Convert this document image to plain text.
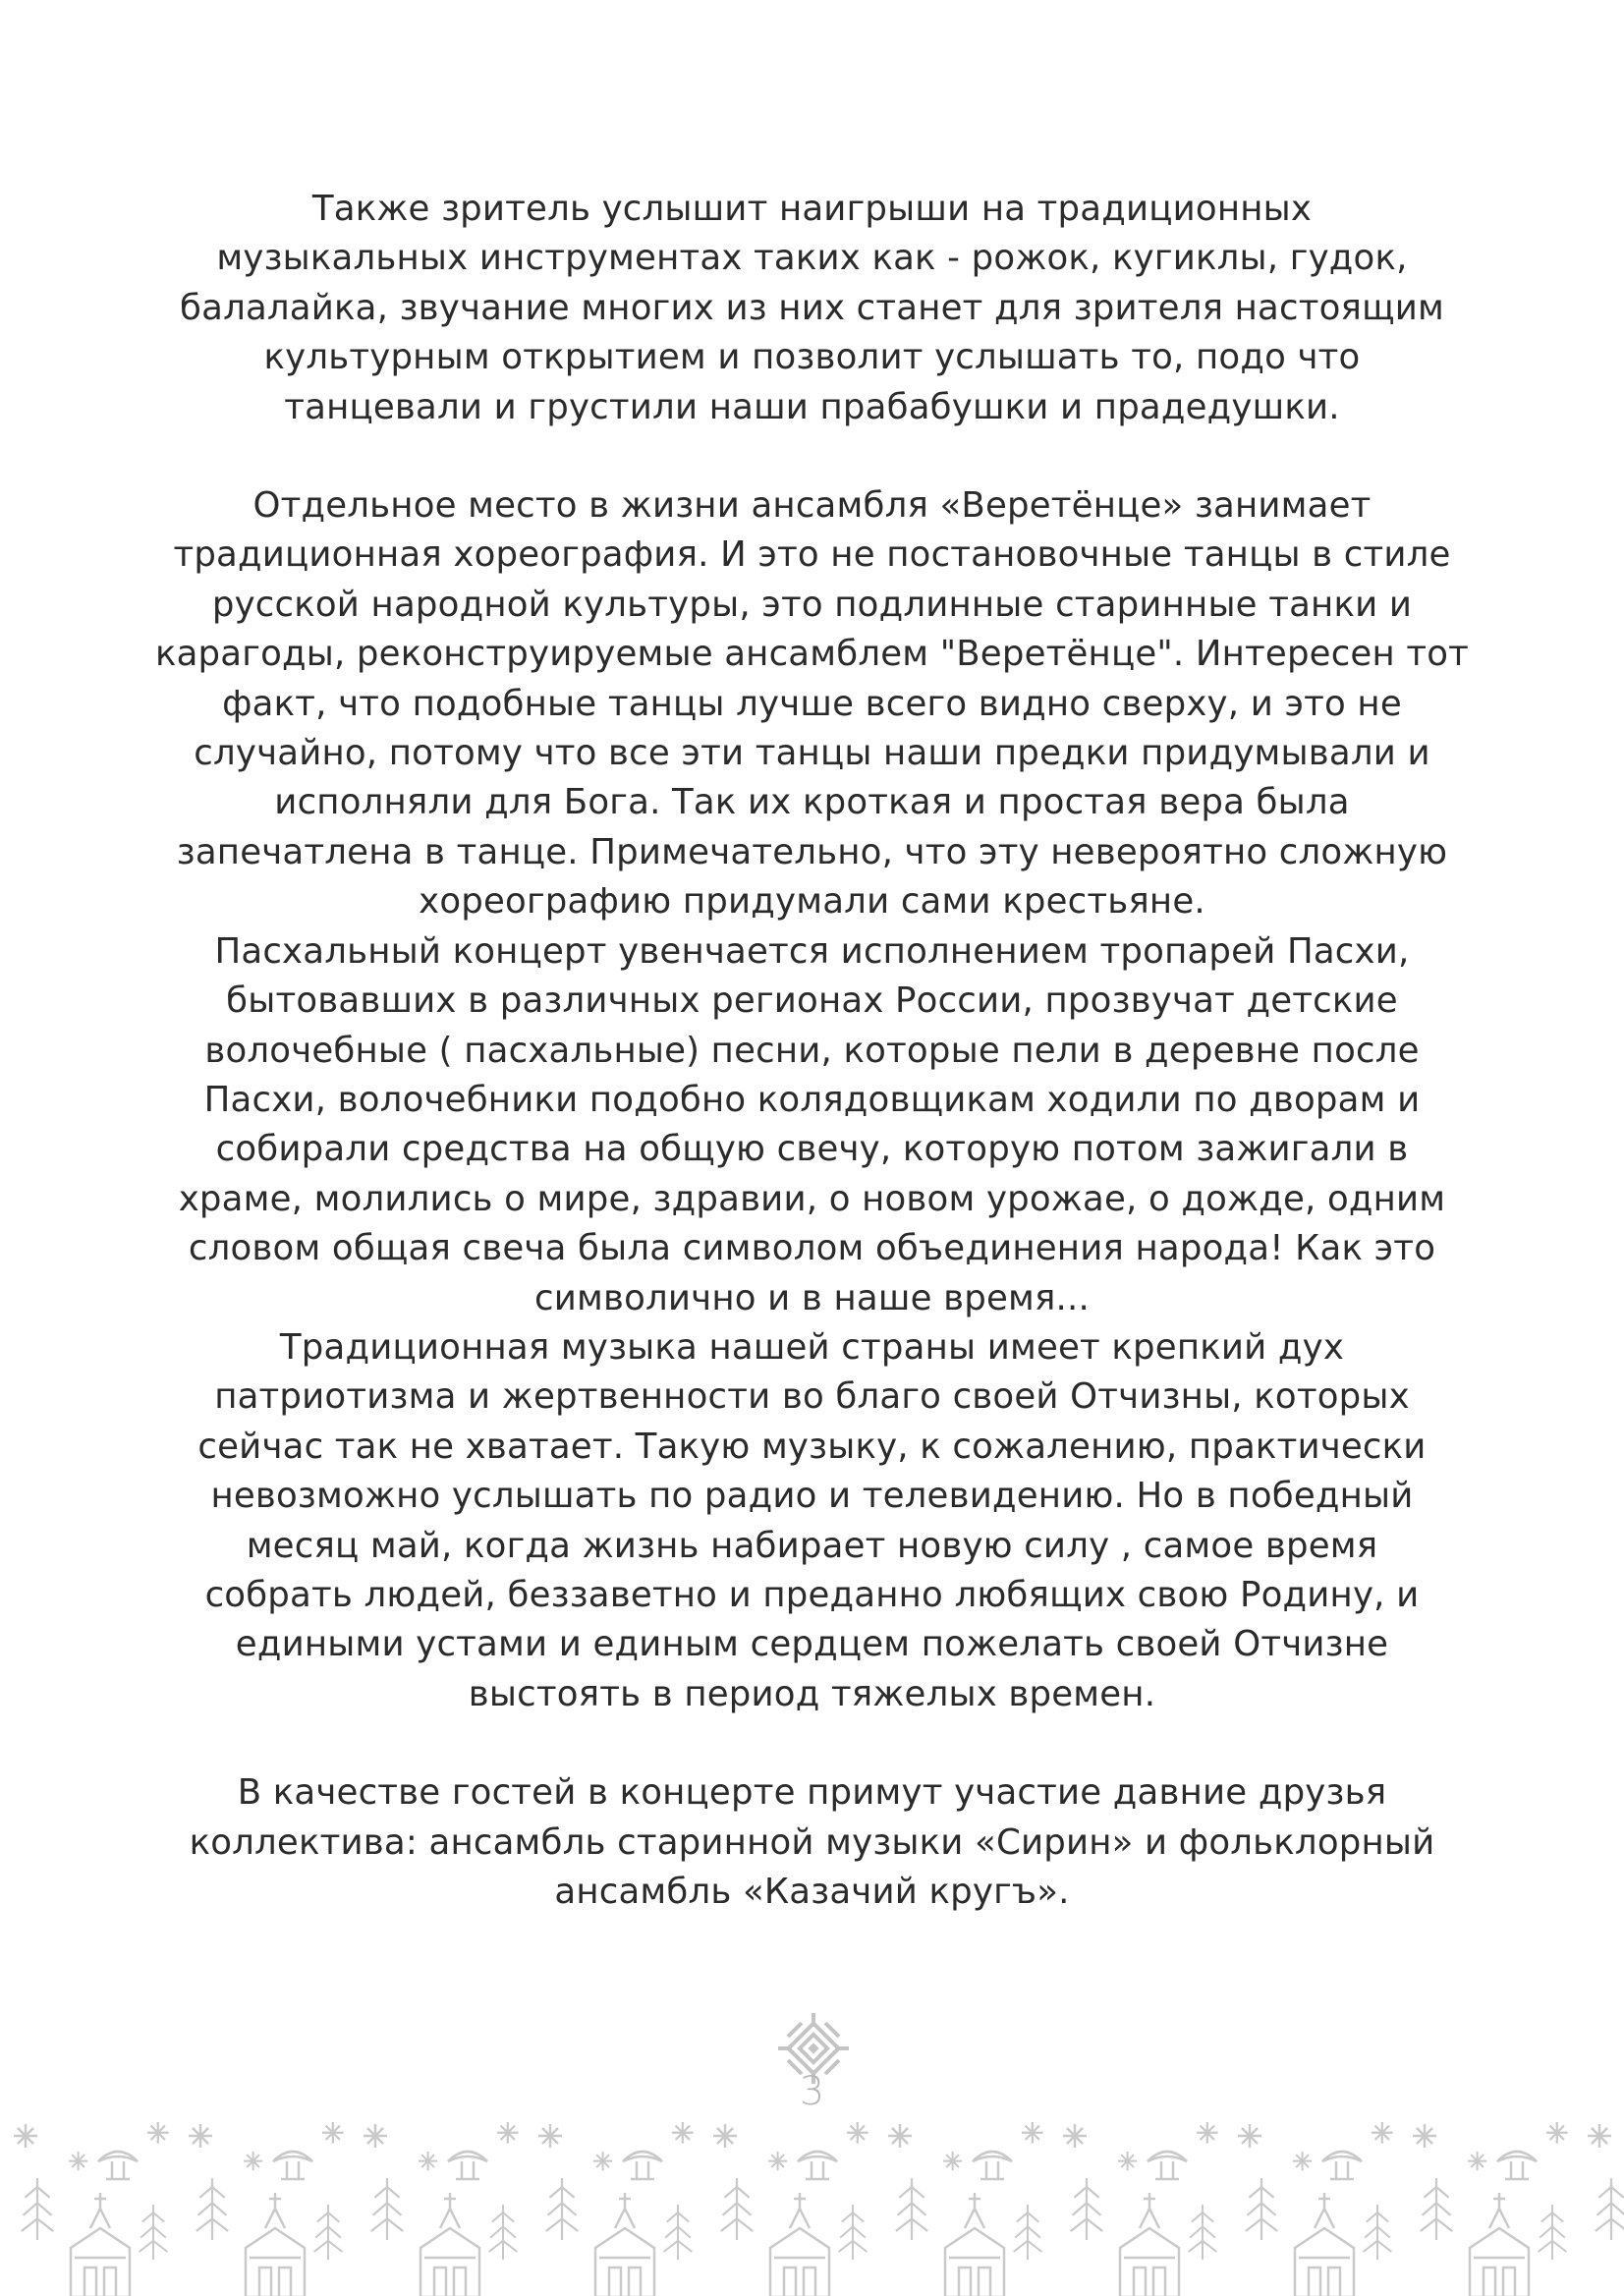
Также зритель услышит наигрыши на традиционных
музыкальных инструментах таких как - рожок, кугиклы, гудок,
балалайка, звучание многих из них станет для зрителя настоящим
культурным открытием и позволит услышать то, подо что
танцевали и грустили наши прабабушки и прадедушки.
Отдельное место в жизни ансамбля «Веретёнце» занимает
традиционная хореография. И это не постановочные танцы в стиле
русской народной культуры, это подлинные старинные танки и
карагоды, реконструируемые ансамблем "Веретёнце". Интересен тот
факт, что подобные танцы лучше всего видно сверху, и это не
случайно, потому что все эти танцы наши предки придумывали и
исполняли для Бога. Так их кроткая и простая вера была
запечатлена в танце. Примечательно, что эту невероятно сложную
хореографию придумали сами крестьяне.
Пасхальный концерт увенчается исполнением тропарей Пасхи,
бытовавших в различных регионах России, прозвучат детские
волочебные ( пасхальные) песни, которые пели в деревне после
Пасхи, волочебники подобно колядовщикам ходили по дворам и
собирали средства на общую свечу, которую потом зажигали в
храме, молились о мире, здравии, о новом урожае, о дожде, одним
словом общая свеча была символом объединения народа! Как это
символично и в наше время...
Традиционная музыка нашей страны имеет крепкий дух
патриотизма и жертвенности во благо своей Отчизны, которых
сейчас так не хватает. Такую музыку, к сожалению, практически
невозможно услышать по радио и телевидению. Но в победный
месяц май, когда жизнь набирает новую силу , самое время
собрать людей, беззаветно и преданно любящих свою Родину, и
едиными устами и единым сердцем пожелать своей Отчизне
выстоять в период тяжелых времен.
В качестве гостей в концерте примут участие давние друзья
коллектива: ансамбль старинной музыки «Сирин» и фольклорный
ансамбль «Казачий кругъ».
3
